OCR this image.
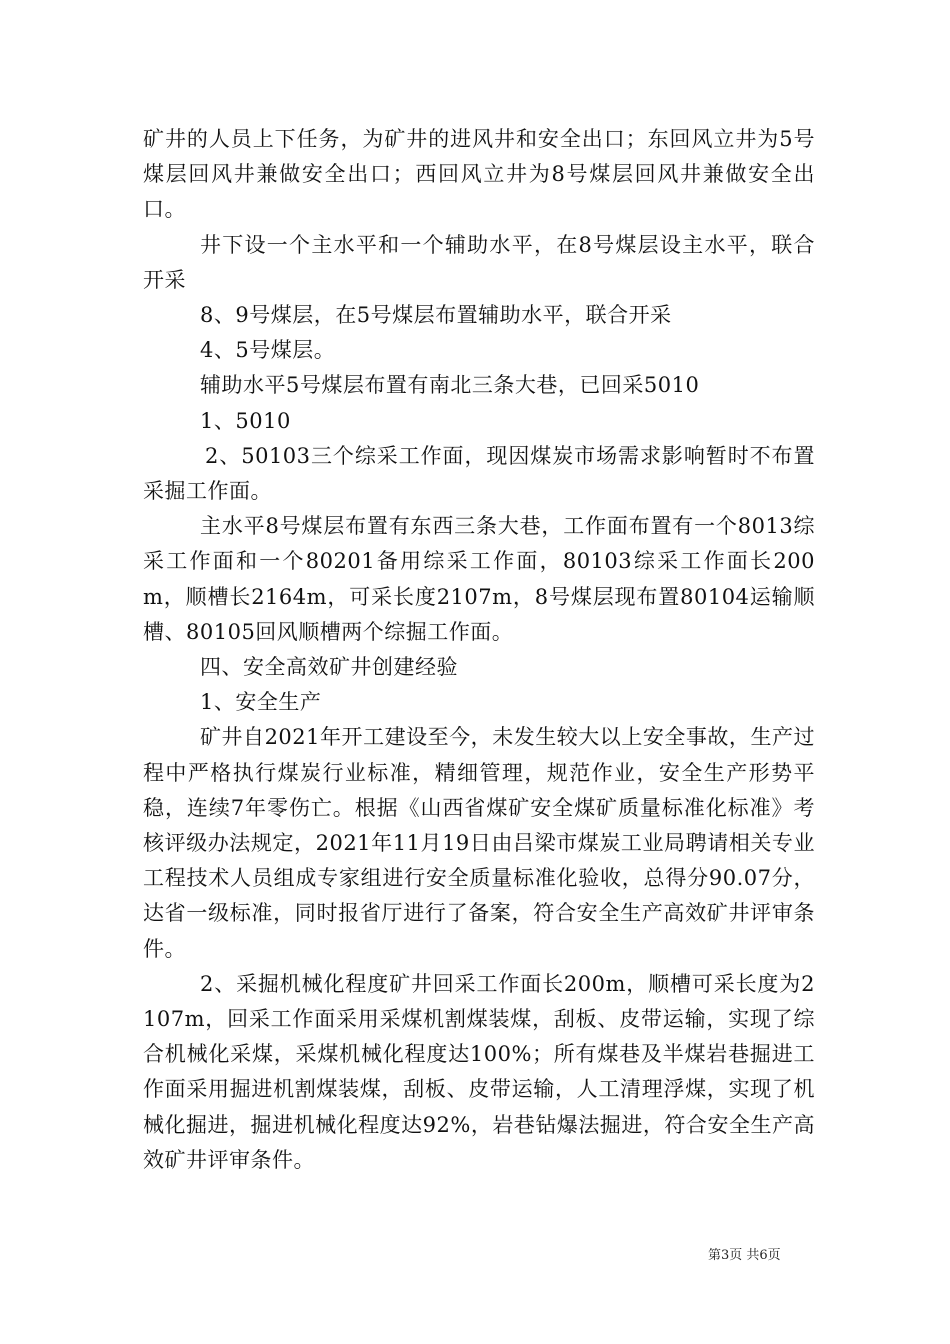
矿井的人员上下任务，为矿井的进风井和安全出口；东回风立井为5号煤层回风井兼做安全出口；西回风立井为8号煤层回风井兼做安全出口。

井下设一个主水平和一个辅助水平，在8号煤层设主水平，联合开采

8、9号煤层，在5号煤层布置辅助水平，联合开采

4、5号煤层。

辅助水平5号煤层布置有南北三条大巷，已回采5010

1、5010

2、50103三个综采工作面，现因煤炭市场需求影响暂时不布置采掘工作面。

主水平8号煤层布置有东西三条大巷，工作面布置有一个8013综采工作面和一个80201备用综采工作面，80103综采工作面长200m，顺槽长2164m，可采长度2107m，8号煤层现布置80104运输顺槽、80105回风顺槽两个综掘工作面。

四、安全高效矿井创建经验

1、安全生产

矿井自2021年开工建设至今，未发生较大以上安全事故，生产过程中严格执行煤炭行业标准，精细管理，规范作业，安全生产形势平稳，连续7年零伤亡。根据《山西省煤矿安全煤矿质量标准化标准》考核评级办法规定，2021年11月19日由吕梁市煤炭工业局聘请相关专业工程技术人员组成专家组进行安全质量标准化验收，总得分90.07分，达省一级标准，同时报省厅进行了备案，符合安全生产高效矿井评审条件。

2、采掘机械化程度矿井回采工作面长200m，顺槽可采长度为2107m，回采工作面采用采煤机割煤装煤，刮板、皮带运输，实现了综合机械化采煤，采煤机械化程度达100%；所有煤巷及半煤岩巷掘进工作面采用掘进机割煤装煤，刮板、皮带运输，人工清理浮煤，实现了机械化掘进，掘进机械化程度达92%，岩巷钻爆法掘进，符合安全生产高效矿井评审条件。

第3页 共6页
